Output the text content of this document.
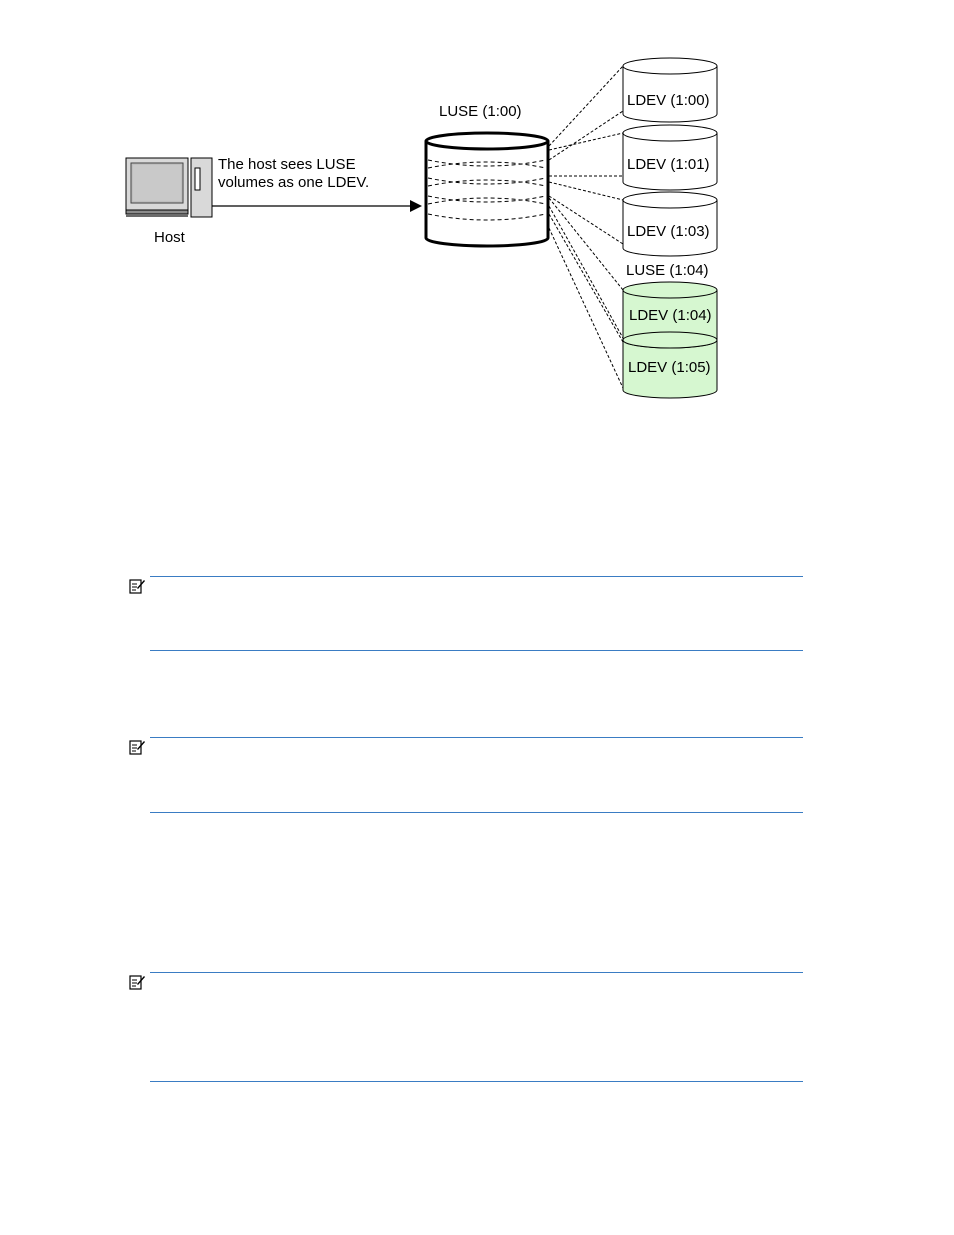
Host
The host sees LUSE
volumes as one LDEV.
LUSE (1:00)
LDEV (1:00)
LDEV (1:01)
LDEV (1:03)
LUSE (1:04)
LDEV (1:04)
LDEV (1:05)
